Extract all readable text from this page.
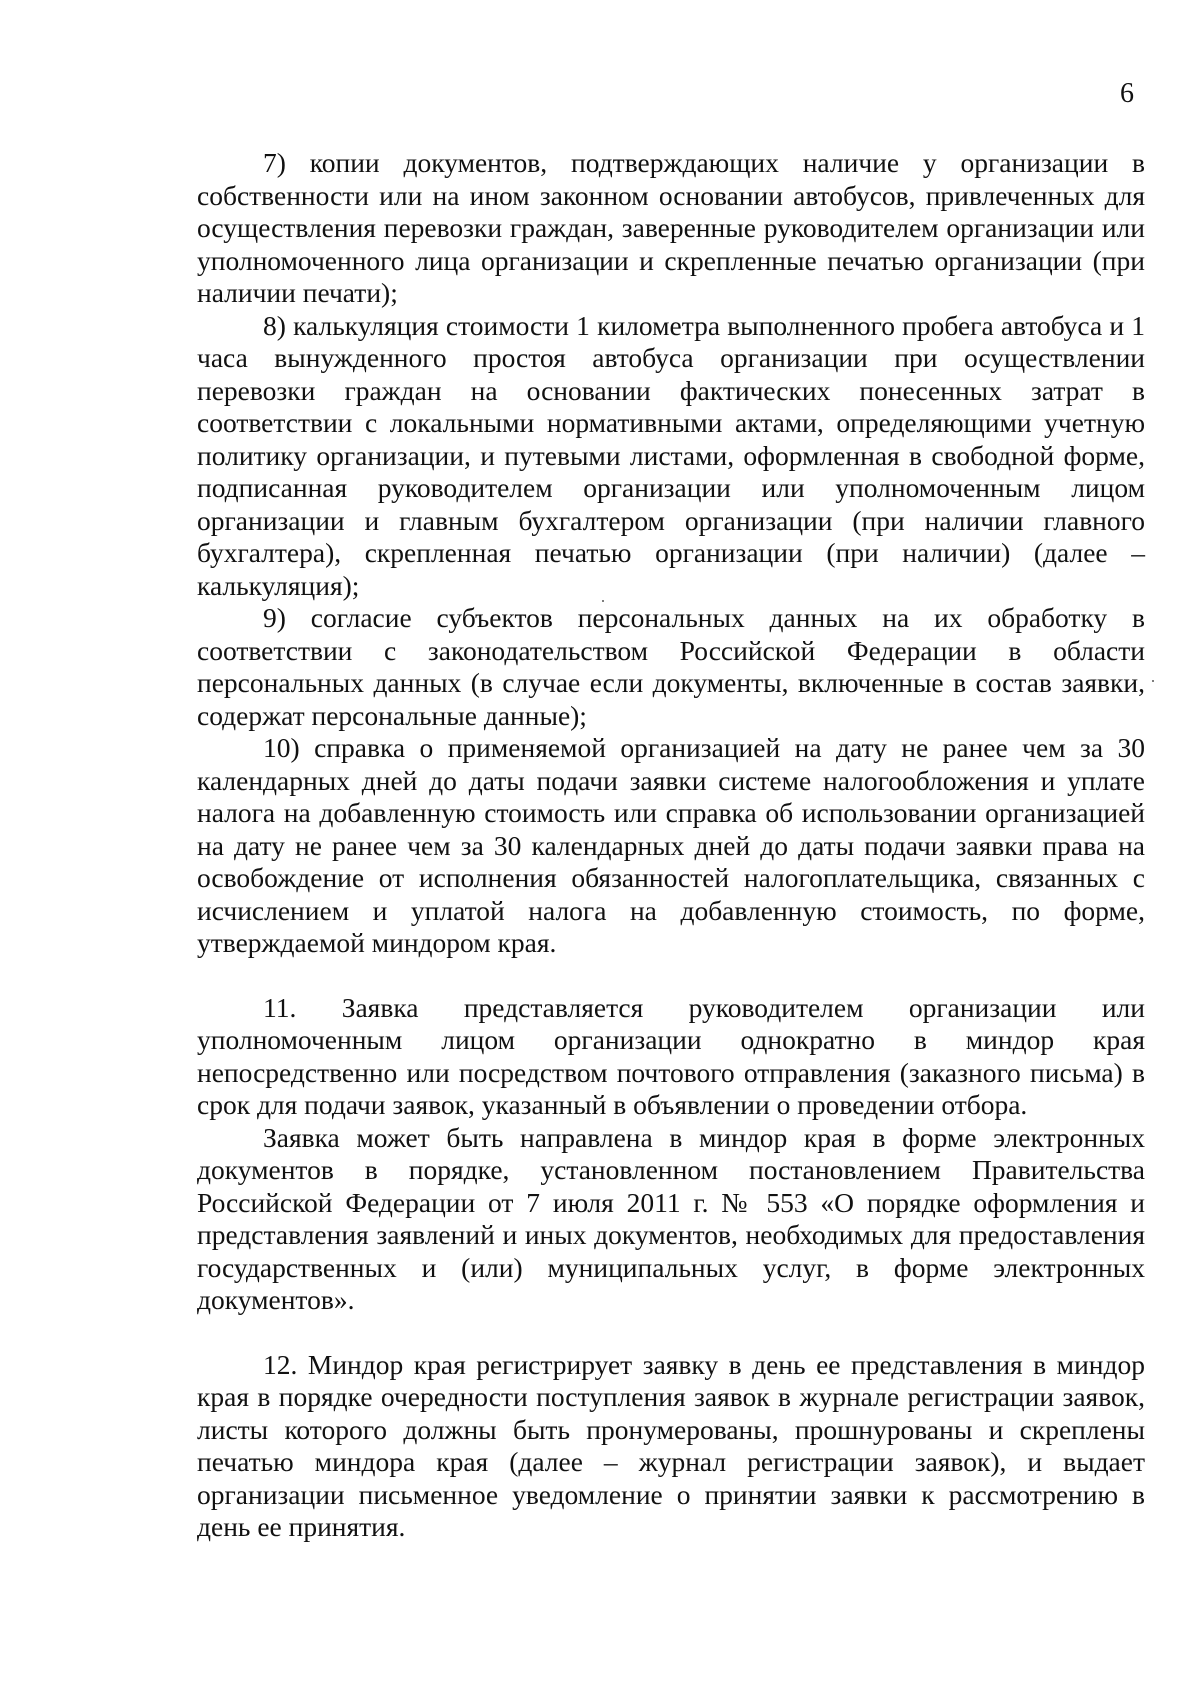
6

7) копии документов, подтверждающих наличие у организации в собственности или на ином законном основании автобусов, привлеченных для осуществления перевозки граждан, заверенные руководителем организации или уполномоченного лица организации и скрепленные печатью организации (при наличии печати);

8) калькуляция стоимости 1 километра выполненного пробега автобуса и 1 часа вынужденного простоя автобуса организации при осуществлении перевозки граждан на основании фактических понесенных затрат в соответствии с локальными нормативными актами, определяющими учетную политику организации, и путевыми листами, оформленная в свободной форме, подписанная руководителем организации или уполномоченным лицом организации и главным бухгалтером организации (при наличии главного бухгалтера), скрепленная печатью организации (при наличии) (далее – калькуляция);

9) согласие субъектов персональных данных на их обработку в соответствии с законодательством Российской Федерации в области персональных данных (в случае если документы, включенные в состав заявки, содержат персональные данные);

10) справка о применяемой организацией на дату не ранее чем за 30 календарных дней до даты подачи заявки системе налогообложения и уплате налога на добавленную стоимость или справка об использовании организацией на дату не ранее чем за 30 календарных дней до даты подачи заявки права на освобождение от исполнения обязанностей налогоплательщика, связанных с исчислением и уплатой налога на добавленную стоимость, по форме, утверждаемой миндором края.

11. Заявка представляется руководителем организации или уполномоченным лицом организации однократно в миндор края непосредственно или посредством почтового отправления (заказного письма) в срок для подачи заявок, указанный в объявлении о проведении отбора.

Заявка может быть направлена в миндор края в форме электронных документов в порядке, установленном постановлением Правительства Российской Федерации от 7 июля 2011 г. № 553 «О порядке оформления и представления заявлений и иных документов, необходимых для предоставления государственных и (или) муниципальных услуг, в форме электронных документов».

12. Миндор края регистрирует заявку в день ее представления в миндор края в порядке очередности поступления заявок в журнале регистрации заявок, листы которого должны быть пронумерованы, прошнурованы и скреплены печатью миндора края (далее – журнал регистрации заявок), и выдает организации письменное уведомление о принятии заявки к рассмотрению в день ее принятия.
